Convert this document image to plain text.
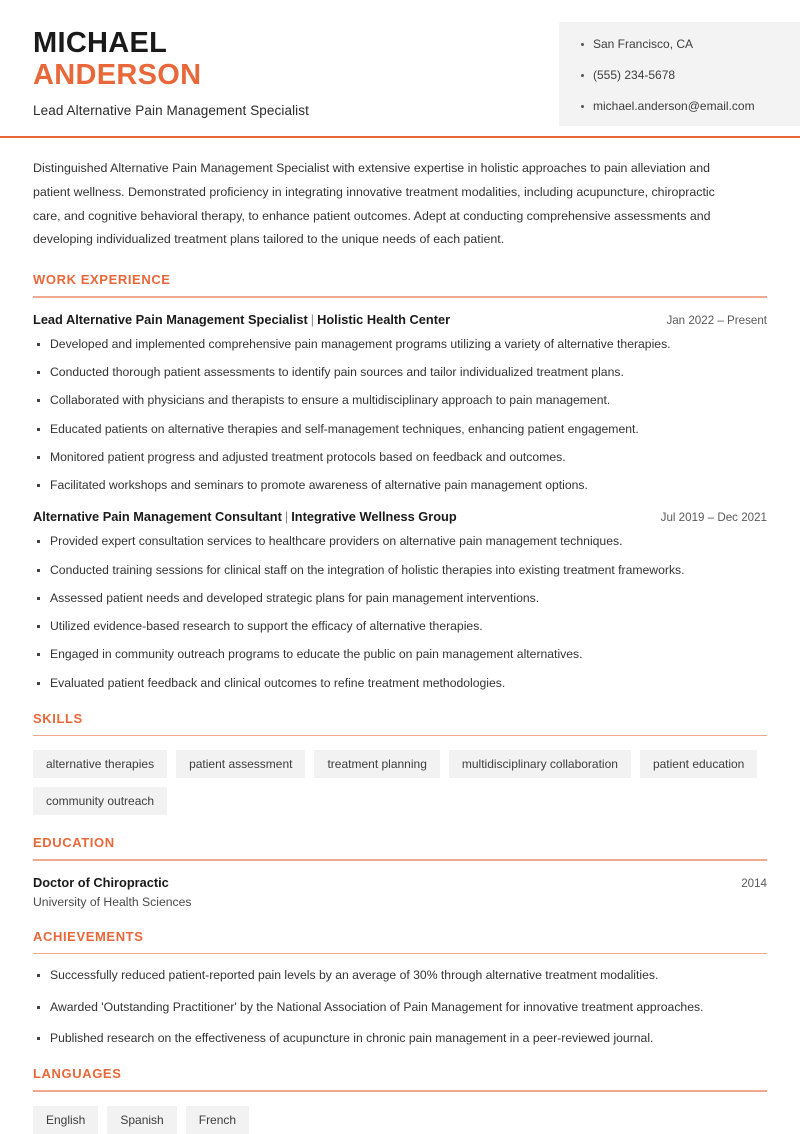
MICHAEL
ANDERSON
Lead Alternative Pain Management Specialist
San Francisco, CA
(555) 234-5678
michael.anderson@email.com
Distinguished Alternative Pain Management Specialist with extensive expertise in holistic approaches to pain alleviation and patient wellness. Demonstrated proficiency in integrating innovative treatment modalities, including acupuncture, chiropractic care, and cognitive behavioral therapy, to enhance patient outcomes. Adept at conducting comprehensive assessments and developing individualized treatment plans tailored to the unique needs of each patient.
WORK EXPERIENCE
Lead Alternative Pain Management Specialist | Holistic Health Center	Jan 2022 – Present
Developed and implemented comprehensive pain management programs utilizing a variety of alternative therapies.
Conducted thorough patient assessments to identify pain sources and tailor individualized treatment plans.
Collaborated with physicians and therapists to ensure a multidisciplinary approach to pain management.
Educated patients on alternative therapies and self-management techniques, enhancing patient engagement.
Monitored patient progress and adjusted treatment protocols based on feedback and outcomes.
Facilitated workshops and seminars to promote awareness of alternative pain management options.
Alternative Pain Management Consultant | Integrative Wellness Group	Jul 2019 – Dec 2021
Provided expert consultation services to healthcare providers on alternative pain management techniques.
Conducted training sessions for clinical staff on the integration of holistic therapies into existing treatment frameworks.
Assessed patient needs and developed strategic plans for pain management interventions.
Utilized evidence-based research to support the efficacy of alternative therapies.
Engaged in community outreach programs to educate the public on pain management alternatives.
Evaluated patient feedback and clinical outcomes to refine treatment methodologies.
SKILLS
alternative therapies	patient assessment	treatment planning	multidisciplinary collaboration	patient education
community outreach
EDUCATION
Doctor of Chiropractic	2014
University of Health Sciences
ACHIEVEMENTS
Successfully reduced patient-reported pain levels by an average of 30% through alternative treatment modalities.
Awarded 'Outstanding Practitioner' by the National Association of Pain Management for innovative treatment approaches.
Published research on the effectiveness of acupuncture in chronic pain management in a peer-reviewed journal.
LANGUAGES
English	Spanish	French
